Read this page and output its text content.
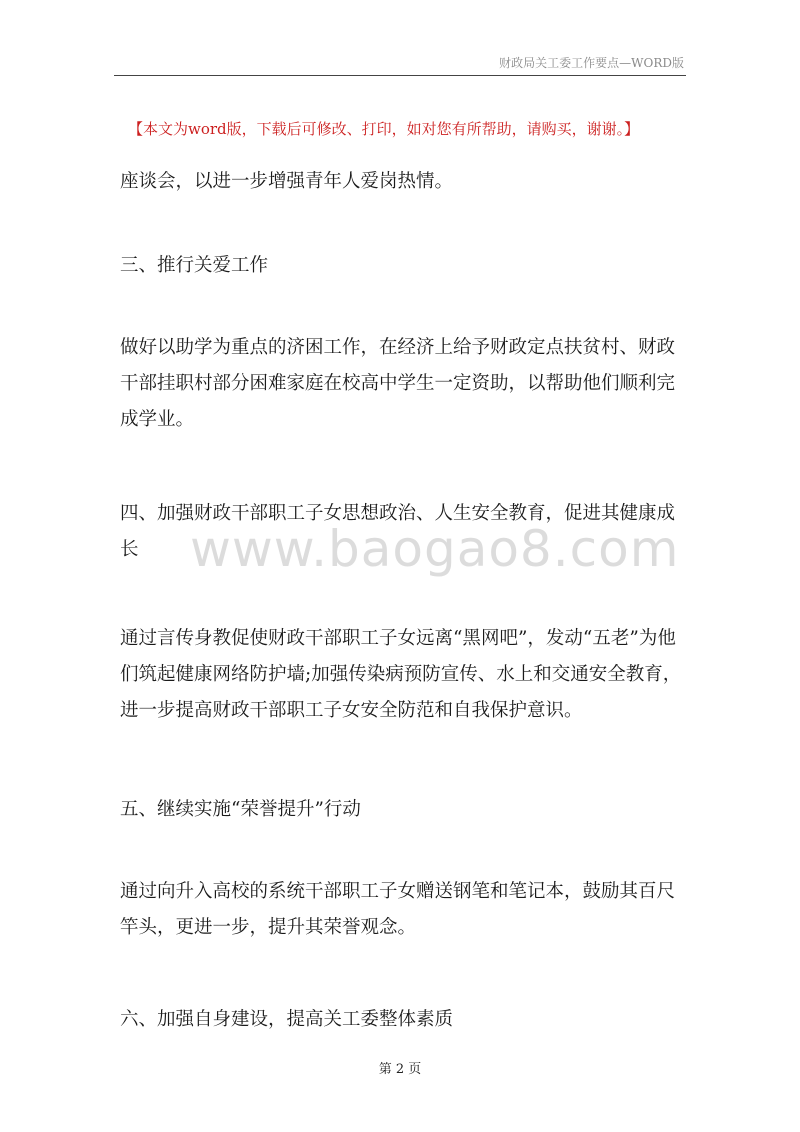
财政局关工委工作要点—WORD版
【本文为word版，下载后可修改、打印，如对您有所帮助，请购买，谢谢。】

座谈会，以进一步增强青年人爱岗热情。

三、推行关爱工作

做好以助学为重点的济困工作，在经济上给予财政定点扶贫村、财政干部挂职村部分困难家庭在校高中学生一定资助，以帮助他们顺利完成学业。

四、加强财政干部职工子女思想政治、人生安全教育，促进其健康成长	www.baogao8.com

通过言传身教促使财政干部职工子女远离“黑网吧”，发动“五老”为他们筑起健康网络防护墙;加强传染病预防宣传、水上和交通安全教育，进一步提高财政干部职工子女安全防范和自我保护意识。

五、继续实施“荣誉提升”行动

通过向升入高校的系统干部职工子女赠送钢笔和笔记本，鼓励其百尺竿头，更进一步，提升其荣誉观念。

六、加强自身建设，提高关工委整体素质

第 2 页
